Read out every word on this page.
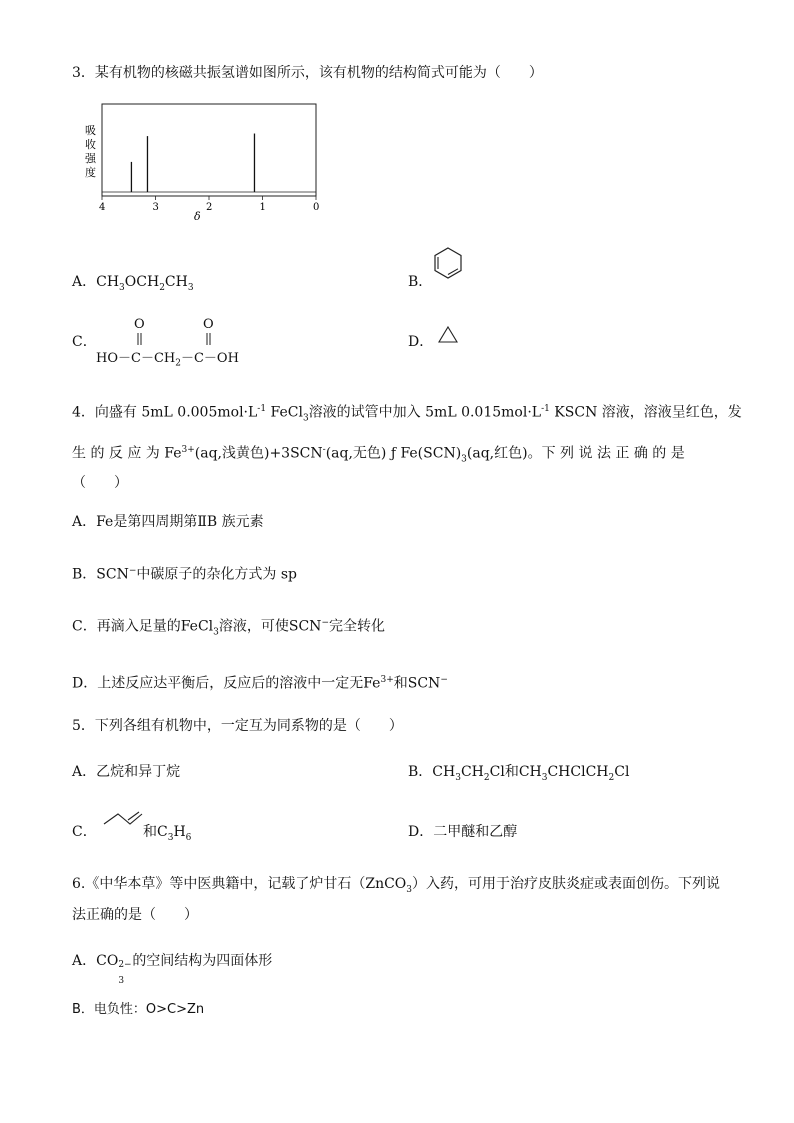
3．某有机物的核磁共振氢谱如图所示，该有机物的结构简式可能为（　　）
4	3	2	1	0
吸
收
强
度
δ
A．$CH_3OCH_2CH_3$	B．
C．
O	O
$HO-C-CH_2-C-OH$
D．
4．向盛有 5mL $0.005mol\cdot L^{-1}$ FeCl$_3$溶液的试管中加入 5mL $0.015mol\cdot L^{-1}$ KSCN 溶液，溶液呈红色，发
生 的 反 应 为 $Fe^{3+}(aq$,浅黄色)+3SCN-(aq,无色) ƒ $Fe(SCN)_3(aq$,红色)。下 列 说 法 正 确 的 是
（　　）
A．Fe是第四周期第ⅡB 族元素
B．SCN−中碳原子的杂化方式为 sp
C．再滴入足量的FeCl$_3$溶液，可使SCN−完全转化
D．上述反应达平衡后，反应后的溶液中一定无$Fe^{3+}$和SCN−
5．下列各组有机物中，一定互为同系物的是（　　）
A．乙烷和异丁烷	B．$CH_3CH_2Cl$和$CH_3CHClCH_2Cl$
C．	和$C_3H_6$	D．二甲醚和乙醇
6.《中华本草》等中医典籍中，记载了炉甘石（ZnCO$_3$）入药，可用于治疗皮肤炎症或表面创伤。下列说
法正确的是（　　）
A．CO 2−
3
的空间结构为四面体形
B．电负性：O>C>Zn
